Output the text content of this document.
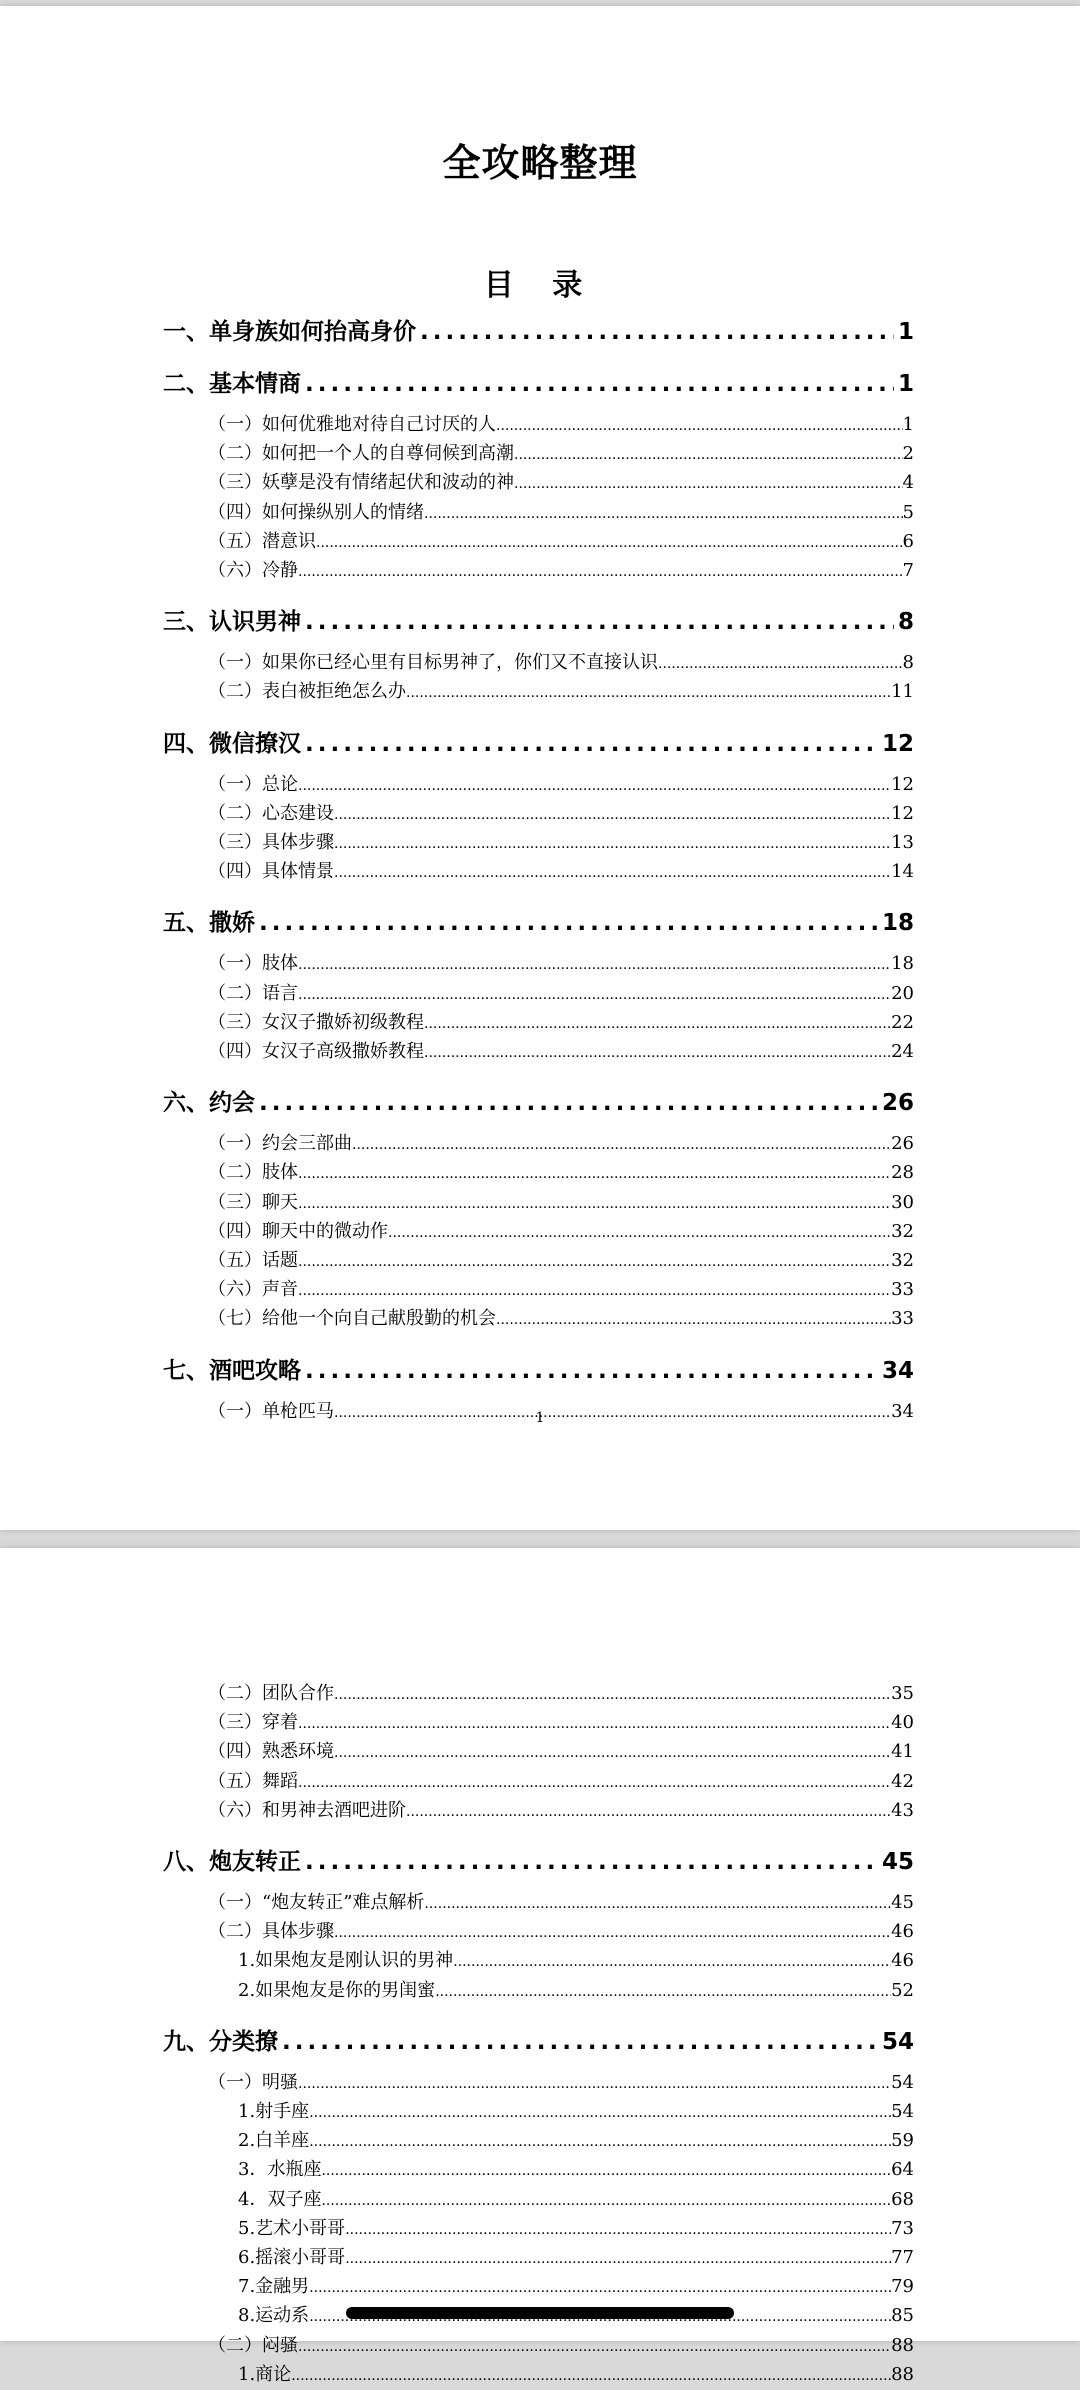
全攻略整理
目 录
一、单身族如何抬高身价 .....	1
二、基本情商 .....	1
（一）如何优雅地对待自己讨厌的人 .....	1
（二）如何把一个人的自尊伺候到高潮 .....	2
（三）妖孽是没有情绪起伏和波动的神 .....	4
（四）如何操纵别人的情绪 .....	5
（五）潜意识 .....	6
（六）冷静 .....	7
三、认识男神 .....	8
（一）如果你已经心里有目标男神了，你们又不直接认识 .....	8
（二）表白被拒绝怎么办 .....	11
四、微信撩汉 .....	12
（一）总论 .....	12
（二）心态建设 .....	12
（三）具体步骤 .....	13
（四）具体情景 .....	14
五、撒娇 .....	18
（一）肢体 .....	18
（二）语言 .....	20
（三）女汉子撒娇初级教程 .....	22
（四）女汉子高级撒娇教程 .....	24
六、约会 .....	26
（一）约会三部曲 .....	26
（二）肢体 .....	28
（三）聊天 .....	30
（四）聊天中的微动作 .....	32
（五）话题 .....	32
（六）声音 .....	33
（七）给他一个向自己献殷勤的机会 .....	33
七、酒吧攻略 .....	34
（一）单枪匹马 .....	34
1
（二）团队合作 .....	35
（三）穿着 .....	40
（四）熟悉环境 .....	41
（五）舞蹈 .....	42
（六）和男神去酒吧进阶 .....	43
八、炮友转正 .....	45
（一）“炮友转正”难点解析 .....	45
（二）具体步骤 .....	46
1.如果炮友是刚认识的男神 .....	46
2.如果炮友是你的男闺蜜 .....	52
九、分类撩 .....	54
（一）明骚 .....	54
1.射手座 .....	54
2.白羊座 .....	59
3．水瓶座 .....	64
4．双子座 .....	68
5.艺术小哥哥 .....	73
6.摇滚小哥哥 .....	77
7.金融男 .....	79
8.运动系 .....	85
（二）闷骚 .....	88
1.商论 .....	88
